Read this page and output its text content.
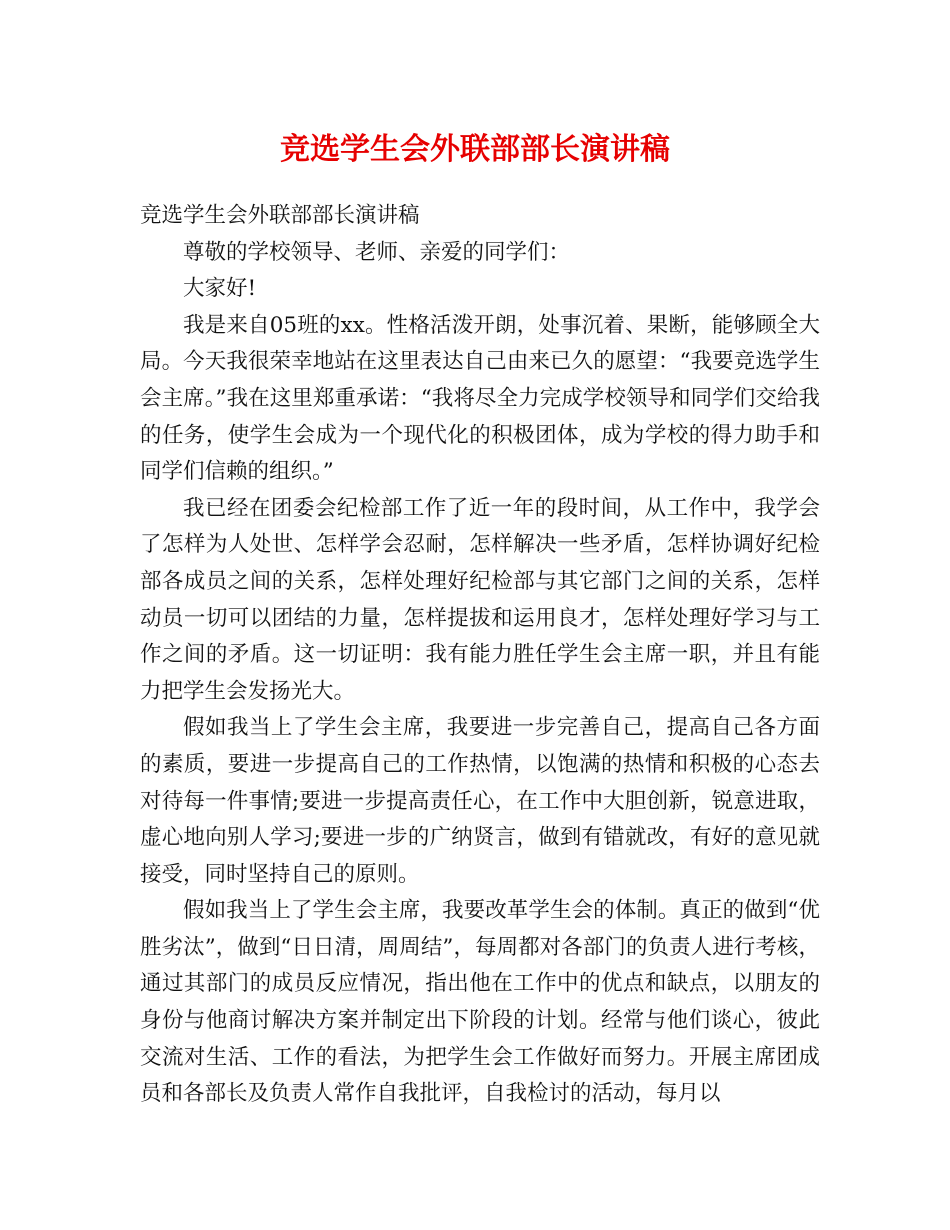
竞选学生会外联部部长演讲稿

竞选学生会外联部部长演讲稿

尊敬的学校领导、老师、亲爱的同学们：

大家好!

我是来自05班的xx。性格活泼开朗，处事沉着、果断，能够顾全大局。今天我很荣幸地站在这里表达自己由来已久的愿望：“我要竞选学生会主席。”我在这里郑重承诺：“我将尽全力完成学校领导和同学们交给我的任务，使学生会成为一个现代化的积极团体，成为学校的得力助手和同学们信赖的组织。”

我已经在团委会纪检部工作了近一年的段时间，从工作中，我学会了怎样为人处世、怎样学会忍耐，怎样解决一些矛盾，怎样协调好纪检部各成员之间的关系，怎样处理好纪检部与其它部门之间的关系，怎样动员一切可以团结的力量，怎样提拔和运用良才，怎样处理好学习与工作之间的矛盾。这一切证明：我有能力胜任学生会主席一职，并且有能力把学生会发扬光大。

假如我当上了学生会主席，我要进一步完善自己，提高自己各方面的素质，要进一步提高自己的工作热情，以饱满的热情和积极的心态去对待每一件事情;要进一步提高责任心，在工作中大胆创新，锐意进取，虚心地向别人学习;要进一步的广纳贤言，做到有错就改，有好的意见就接受，同时坚持自己的原则。

假如我当上了学生会主席，我要改革学生会的体制。真正的做到“优胜劣汰”，做到“日日清，周周结”，每周都对各部门的负责人进行考核，通过其部门的成员反应情况，指出他在工作中的优点和缺点，以朋友的身份与他商讨解决方案并制定出下阶段的计划。经常与他们谈心，彼此交流对生活、工作的看法，为把学生会工作做好而努力。开展主席团成员和各部长及负责人常作自我批评，自我检讨的活动，每月以
